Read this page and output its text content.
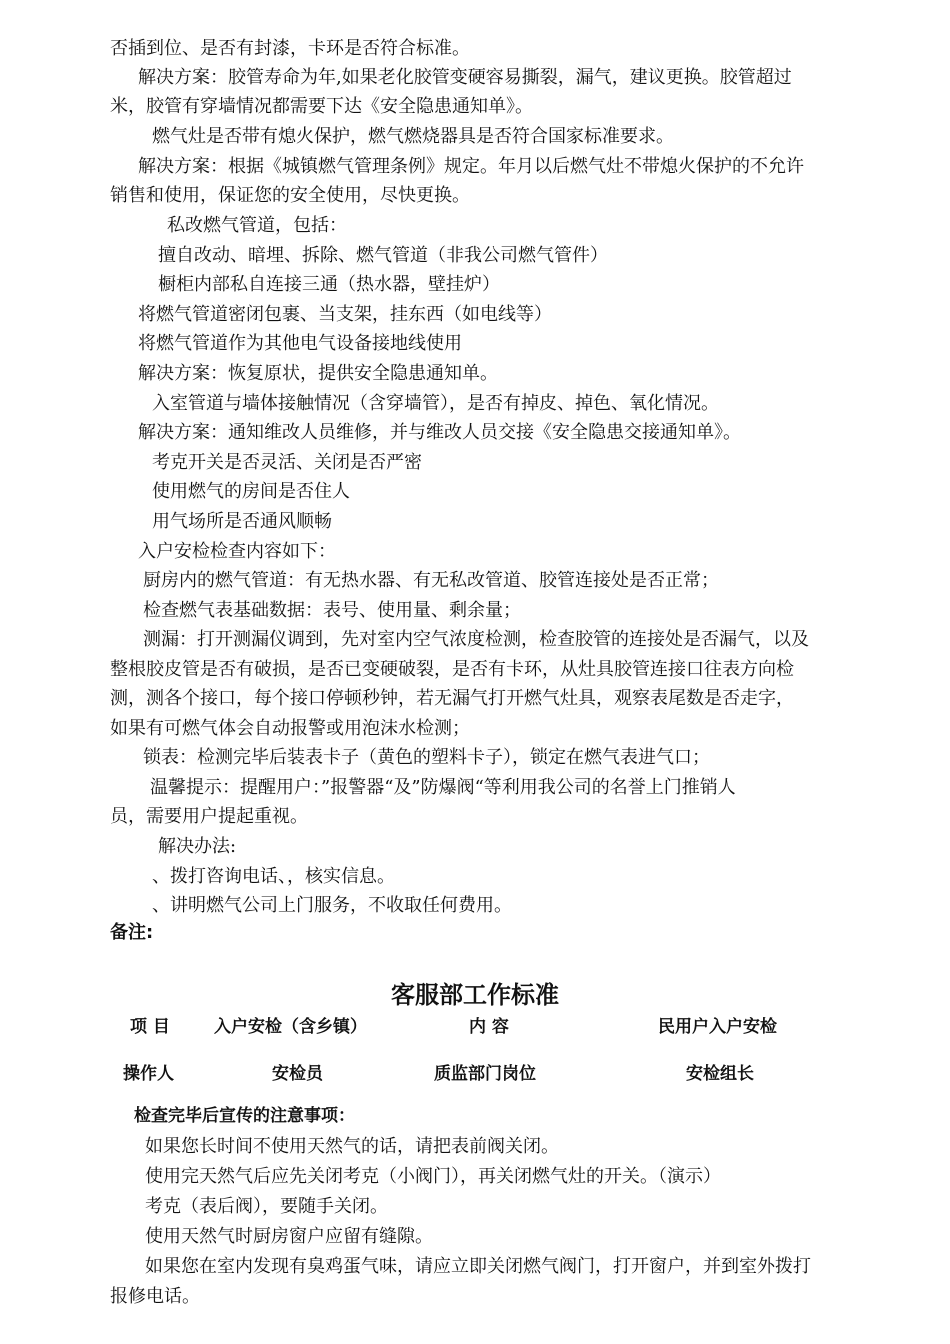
否插到位、是否有封漆，卡环是否符合标准。
解决方案：胶管寿命为年,如果老化胶管变硬容易撕裂，漏气，建议更换。胶管超过
米，胶管有穿墙情况都需要下达《安全隐患通知单》。
燃气灶是否带有熄火保护，燃气燃烧器具是否符合国家标准要求。
解决方案：根据《城镇燃气管理条例》规定。年月以后燃气灶不带熄火保护的不允许
销售和使用，保证您的安全使用，尽快更换。
私改燃气管道，包括：
擅自改动、暗埋、拆除、燃气管道（非我公司燃气管件）
橱柜内部私自连接三通（热水器，壁挂炉）
将燃气管道密闭包裹、当支架，挂东西（如电线等）
将燃气管道作为其他电气设备接地线使用
解决方案：恢复原状，提供安全隐患通知单。
入室管道与墙体接触情况（含穿墙管），是否有掉皮、掉色、氧化情况。
解决方案：通知维改人员维修，并与维改人员交接《安全隐患交接通知单》。
考克开关是否灵活、关闭是否严密
使用燃气的房间是否住人
用气场所是否通风顺畅
入户安检检查内容如下：
厨房内的燃气管道：有无热水器、有无私改管道、胶管连接处是否正常；
检查燃气表基础数据：表号、使用量、剩余量；
测漏：打开测漏仪调到，先对室内空气浓度检测，检查胶管的连接处是否漏气，以及
整根胶皮管是否有破损，是否已变硬破裂，是否有卡环，从灶具胶管连接口往表方向检
测，测各个接口，每个接口停顿秒钟，若无漏气打开燃气灶具，观察表尾数是否走字，
如果有可燃气体会自动报警或用泡沫水检测；
锁表：检测完毕后装表卡子（黄色的塑料卡子），锁定在燃气表进气口；
温馨提示：提醒用户：”报警器“及”防爆阀“等利用我公司的名誉上门推销人
员，需要用户提起重视。
解决办法:
、拨打咨询电话、，核实信息。
、讲明燃气公司上门服务，不收取任何费用。
备注:
客服部工作标准
项 目	入户安检（含乡镇）	内 容	民用户入户安检
操作人	安检员	质监部门岗位	安检组长
检查完毕后宣传的注意事项：
如果您长时间不使用天然气的话，请把表前阀关闭。
使用完天然气后应先关闭考克（小阀门），再关闭燃气灶的开关。（演示）
考克（表后阀），要随手关闭。
使用天然气时厨房窗户应留有缝隙。
如果您在室内发现有臭鸡蛋气味，请应立即关闭燃气阀门，打开窗户，并到室外拨打
报修电话。
